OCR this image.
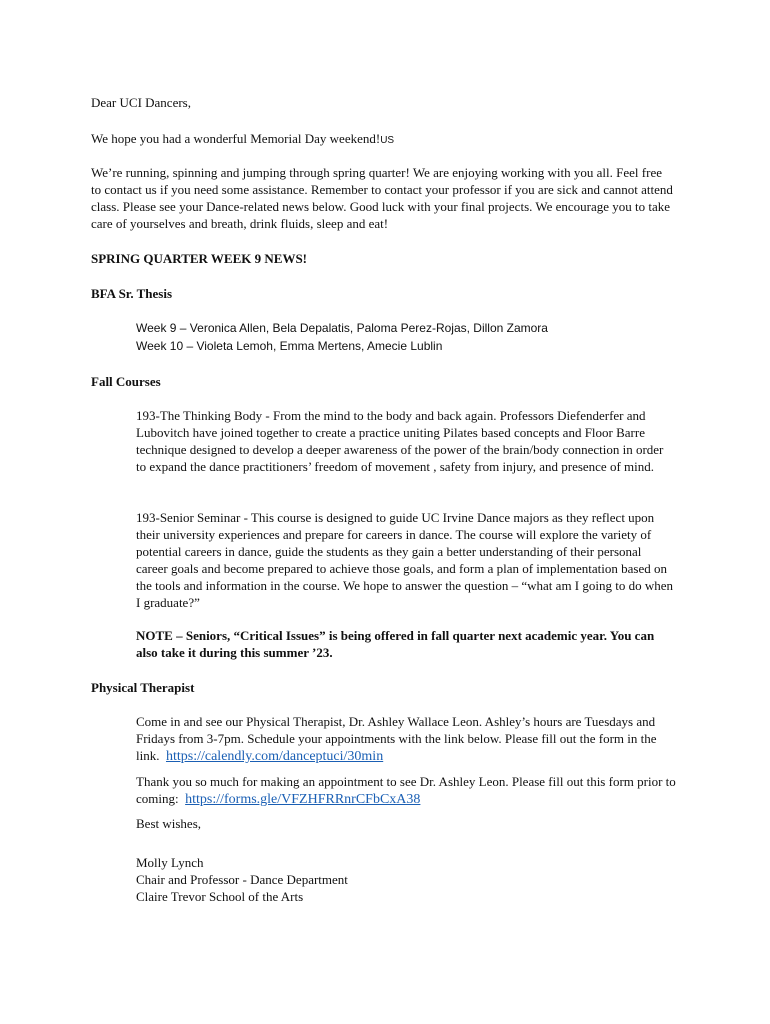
Dear UCI Dancers,

We hope you had a wonderful Memorial Day weekend!US

We’re running, spinning and jumping through spring quarter! We are enjoying working with you all. Feel free to contact us if you need some assistance. Remember to contact your professor if you are sick and cannot attend class. Please see your Dance-related news below. Good luck with your final projects. We encourage you to take care of yourselves and breath, drink fluids, sleep and eat!

SPRING QUARTER WEEK 9 NEWS!

BFA Sr. Thesis

Week 9 – Veronica Allen, Bela Depalatis, Paloma Perez-Rojas, Dillon Zamora

Week 10 – Violeta Lemoh, Emma Mertens, Amecie Lublin

Fall Courses

193-The Thinking Body - From the mind to the body and back again. Professors Diefenderfer and Lubovitch have joined together to create a practice uniting Pilates based concepts and Floor Barre technique designed to develop a deeper awareness of the power of the brain/body connection in order to expand the dance practitioners’ freedom of movement , safety from injury, and presence of mind.

193-Senior Seminar - This course is designed to guide UC Irvine Dance majors as they reflect upon their university experiences and prepare for careers in dance. The course will explore the variety of potential careers in dance, guide the students as they gain a better understanding of their personal career goals and become prepared to achieve those goals, and form a plan of implementation based on the tools and information in the course. We hope to answer the question – “what am I going to do when I graduate?”

NOTE – Seniors, “Critical Issues” is being offered in fall quarter next academic year. You can also take it during this summer ’23.

Physical Therapist

Come in and see our Physical Therapist, Dr. Ashley Wallace Leon. Ashley’s hours are Tuesdays and Fridays from 3-7pm. Schedule your appointments with the link below. Please fill out the form in the link. https://calendly.com/danceptuci/30min

Thank you so much for making an appointment to see Dr. Ashley Leon. Please fill out this form prior to coming: https://forms.gle/VFZHFRRnrCFbCxA38

Best wishes,

Molly Lynch

Chair and Professor - Dance Department

Claire Trevor School of the Arts
